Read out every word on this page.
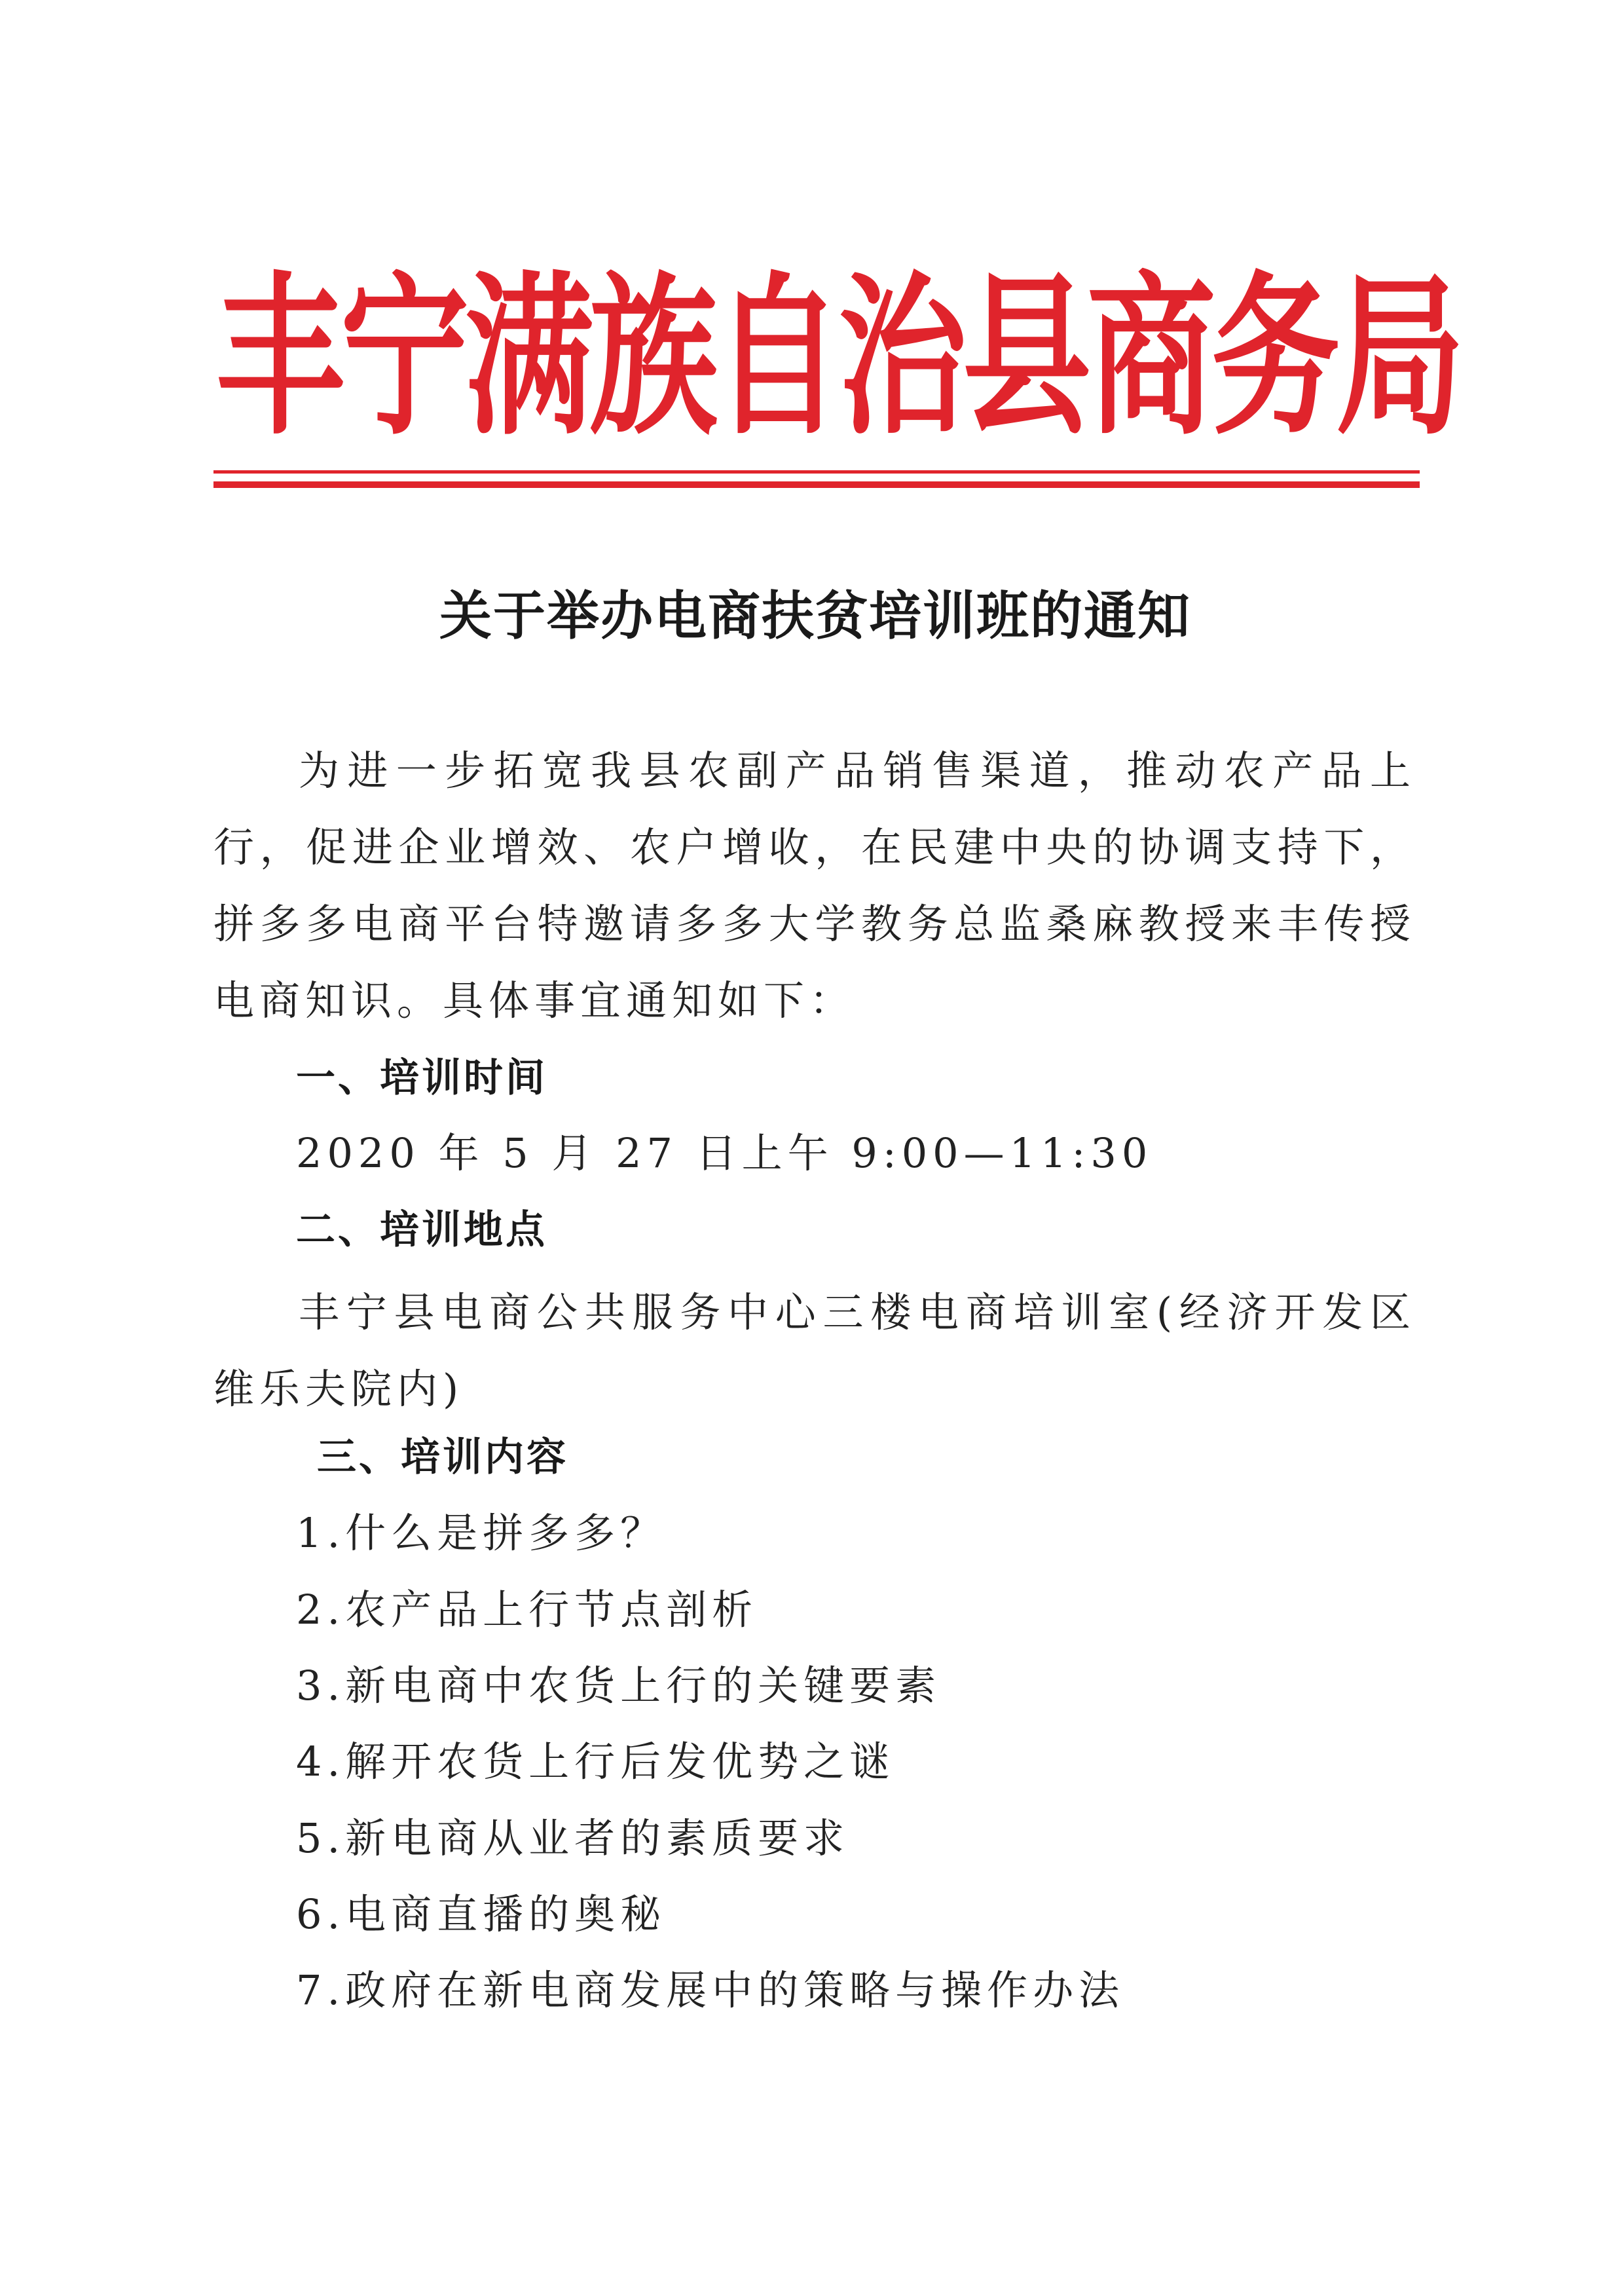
丰宁满族自治县商务局
关于举办电商扶贫培训班的通知
为进一步拓宽我县农副产品销售渠道，推动农产品上行，促进企业增效、农户增收，在民建中央的协调支持下，拼多多电商平台特邀请多多大学教务总监桑麻教授来丰传授电商知识。具体事宜通知如下：
一、培训时间
2020 年 5 月 27 日上午 9:00—11:30
二、培训地点
丰宁县电商公共服务中心三楼电商培训室(经济开发区维乐夫院内)
三、培训内容
1.什么是拼多多？
2.农产品上行节点剖析
3.新电商中农货上行的关键要素
4.解开农货上行后发优势之谜
5.新电商从业者的素质要求
6.电商直播的奥秘
7.政府在新电商发展中的策略与操作办法
